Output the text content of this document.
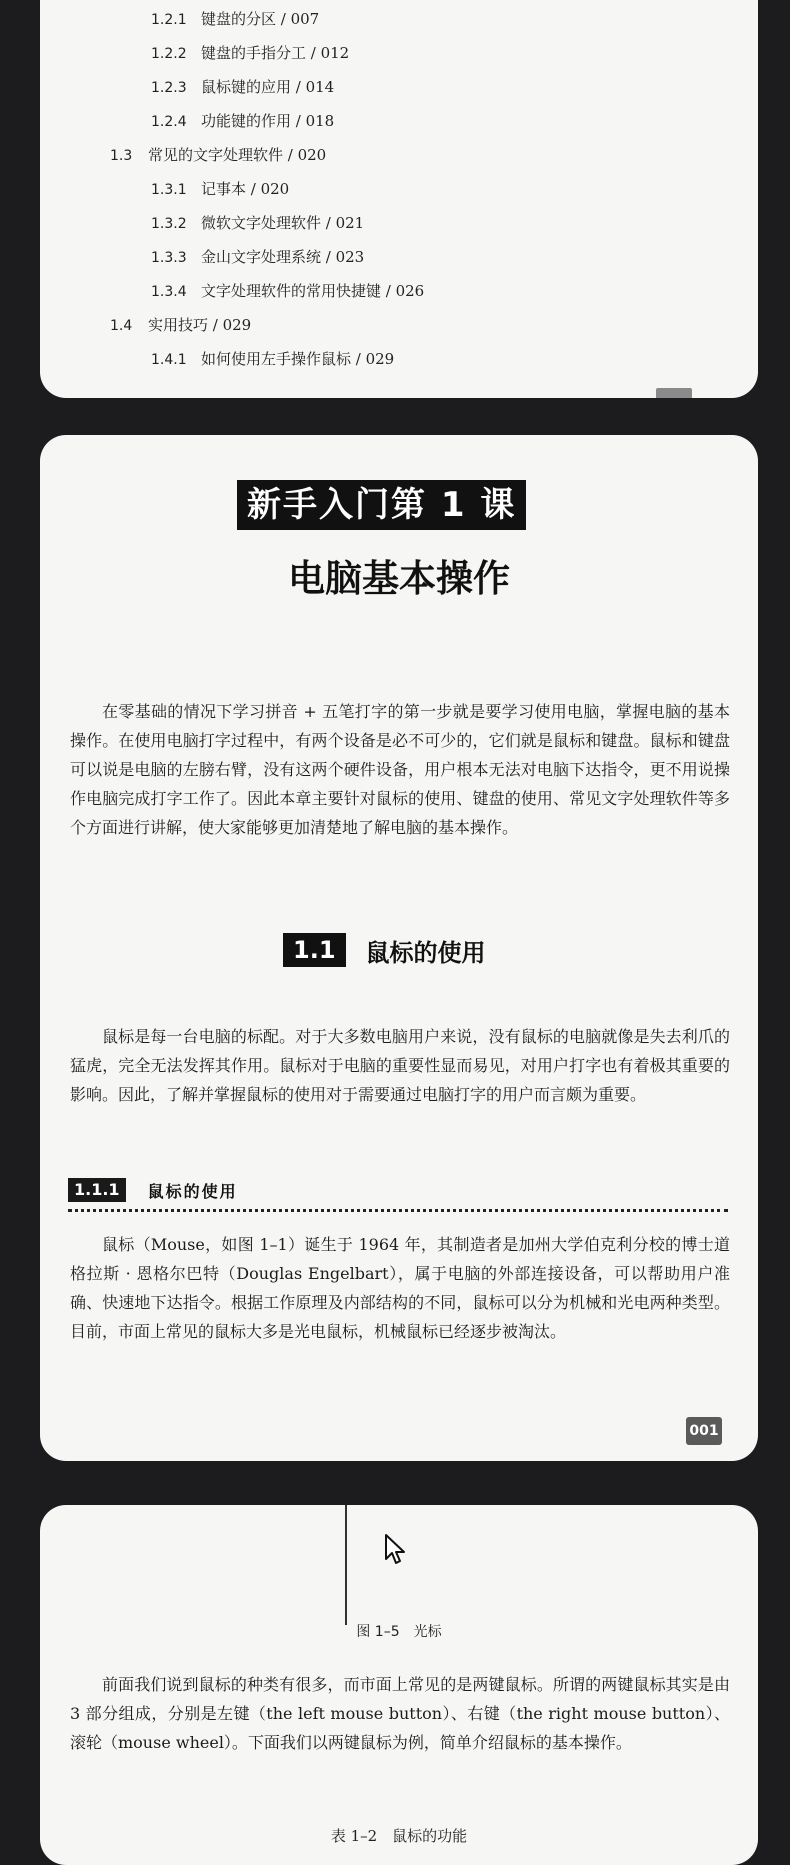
1.2.1 键盘的分区 / 007
1.2.2 键盘的手指分工 / 012
1.2.3 鼠标键的应用 / 014
1.2.4 功能键的作用 / 018
1.3 常见的文字处理软件 / 020
1.3.1 记事本 / 020
1.3.2 微软文字处理软件 / 021
1.3.3 金山文字处理系统 / 023
1.3.4 文字处理软件的常用快捷键 / 026
1.4 实用技巧 / 029
1.4.1 如何使用左手操作鼠标 / 029
新手入门第 1 课
电脑基本操作
在零基础的情况下学习拼音 + 五笔打字的第一步就是要学习使用电脑，掌握电脑的基本操作。在使用电脑打字过程中，有两个设备是必不可少的，它们就是鼠标和键盘。鼠标和键盘可以说是电脑的左膀右臂，没有这两个硬件设备，用户根本无法对电脑下达指令，更不用说操作电脑完成打字工作了。因此本章主要针对鼠标的使用、键盘的使用、常见文字处理软件等多个方面进行讲解，使大家能够更加清楚地了解电脑的基本操作。
1.1	鼠标的使用
鼠标是每一台电脑的标配。对于大多数电脑用户来说，没有鼠标的电脑就像是失去利爪的猛虎，完全无法发挥其作用。鼠标对于电脑的重要性显而易见，对用户打字也有着极其重要的影响。因此，了解并掌握鼠标的使用对于需要通过电脑打字的用户而言颇为重要。
1.1.1	鼠标的使用
鼠标（Mouse，如图 1–1）诞生于 1964 年，其制造者是加州大学伯克利分校的博士道格拉斯 · 恩格尔巴特（Douglas Engelbart），属于电脑的外部连接设备，可以帮助用户准确、快速地下达指令。根据工作原理及内部结构的不同，鼠标可以分为机械和光电两种类型。目前，市面上常见的鼠标大多是光电鼠标，机械鼠标已经逐步被淘汰。
001
图 1–5　光标
前面我们说到鼠标的种类有很多，而市面上常见的是两键鼠标。所谓的两键鼠标其实是由 3 部分组成，分别是左键（the left mouse button）、右键（the right mouse button）、滚轮（mouse wheel）。下面我们以两键鼠标为例，简单介绍鼠标的基本操作。
表 1–2　鼠标的功能
